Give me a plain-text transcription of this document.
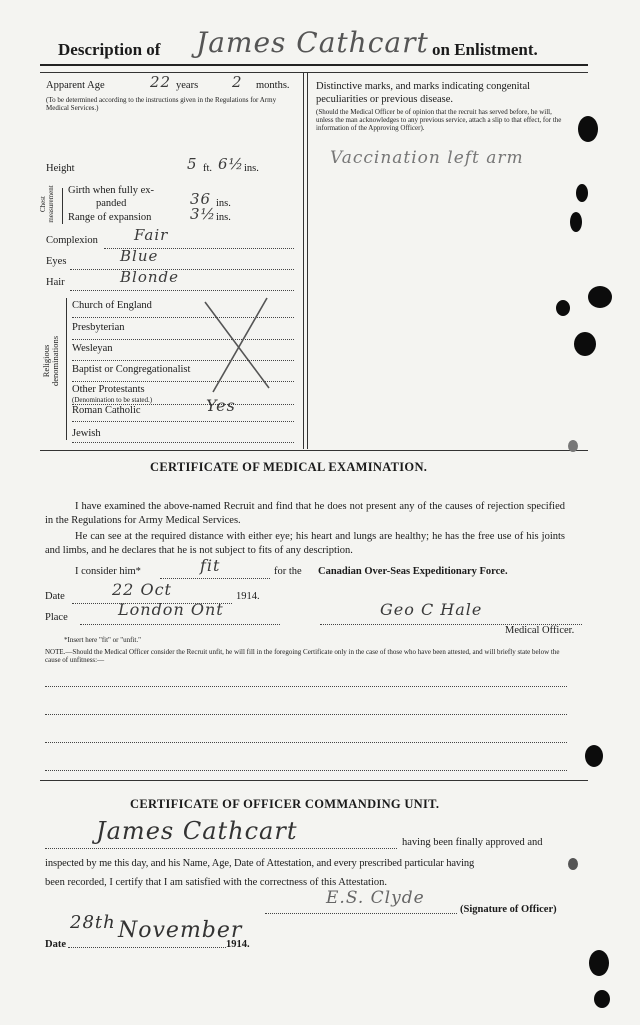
Description of James Cathcart on Enlistment.
Apparent Age	22 years 2 months.
(To be determined according to the instructions given in the Regulations for Army Medical Services.)
Distinctive marks, and marks indicating congenital peculiarities or previous disease.
(Should the Medical Officer be of opinion that the recruit has served before, he will, unless the man acknowledges to any previous service, attach a slip to that effect, for the information of the Approving Officer).
Vaccination left arm
Height	5 ft. 6½ ins.
Chest measurement Girth when fully ex-
panded	36 ins.
Range of expansion	3½ ins.
Complexion Fair
Eyes	Blue
Hair	Blonde
Religious denominations
Church of England
Presbyterian
Wesleyan
Baptist or Congregationalist
Other Protestants
(Denomination to be stated.)
Roman Catholic	Yes
Jewish
CERTIFICATE OF MEDICAL EXAMINATION.
I have examined the above-named Recruit and find that he does not present any of the causes of rejection specified in the Regulations for Army Medical Services.
He can see at the required distance with either eye; his heart and lungs are healthy; he has the free use of his joints and limbs, and he declares that he is not subject to fits of any description.
I consider him*	fit	for the Canadian Over-Seas Expeditionary Force.
Date	22 Oct	1914.
Place	London Ont	Geo C Hale
Medical Officer.
*Insert here "fit" or "unfit."
NOTE.—Should the Medical Officer consider the Recruit unfit, he will fill in the foregoing Certificate only in the case of those who have been attested, and will briefly state below the cause of unfitness:—
CERTIFICATE OF OFFICER COMMANDING UNIT.
James Cathcart	having been finally approved and
inspected by me this day, and his Name, Age, Date of Attestation, and every prescribed particular having
been recorded, I certify that I am satisfied with the correctness of this Attestation.
E.S. Clyde
(Signature of Officer)
Date
28th November
1914.
